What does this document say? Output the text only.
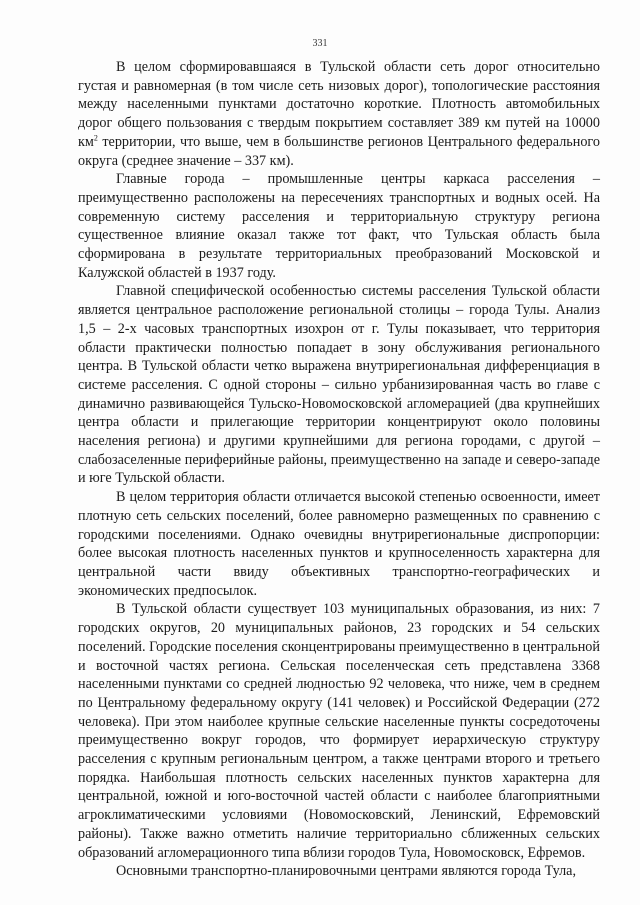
331

В целом сформировавшаяся в Тульской области сеть дорог относительно густая и равномерная (в том числе сеть низовых дорог), топологические расстояния между населенными пунктами достаточно короткие. Плотность автомобильных дорог общего пользования с твердым покрытием составляет 389 км путей на 10000 $км^2$ территории, что выше, чем в большинстве регионов Центрального федерального округа (среднее значение – 337 км).

Главные города – промышленные центры каркаса расселения – преимущественно расположены на пересечениях транспортных и водных осей. На современную систему расселения и территориальную структуру региона существенное влияние оказал также тот факт, что Тульская область была сформирована в результате территориальных преобразований Московской и Калужской областей в 1937 году.

Главной специфической особенностью системы расселения Тульской области является центральное расположение региональной столицы – города Тулы. Анализ 1,5 – 2-х часовых транспортных изохрон от г. Тулы показывает, что территория области практически полностью попадает в зону обслуживания регионального центра. В Тульской области четко выражена внутрирегиональная дифференциация в системе расселения. С одной стороны – сильно урбанизированная часть во главе с динамично развивающейся Тульско-Новомосковской агломерацией (два крупнейших центра области и прилегающие территории концентрируют около половины населения региона) и другими крупнейшими для региона городами, с другой – слабозаселенные периферийные районы, преимущественно на западе и северо-западе и юге Тульской области.

В целом территория области отличается высокой степенью освоенности, имеет плотную сеть сельских поселений, более равномерно размещенных по сравнению с городскими поселениями. Однако очевидны внутрирегиональные диспропорции: более высокая плотность населенных пунктов и крупноселенность характерна для центральной части ввиду объективных транспортно-географических и экономических предпосылок.

В Тульской области существует 103 муниципальных образования, из них: 7 городских округов, 20 муниципальных районов, 23 городских и 54 сельских поселений. Городские поселения сконцентрированы преимущественно в центральной и восточной частях региона. Сельская поселенческая сеть представлена 3368 населенными пунктами со средней людностью 92 человека, что ниже, чем в среднем по Центральному федеральному округу (141 человек) и Российской Федерации (272 человека). При этом наиболее крупные сельские населенные пункты сосредоточены преимущественно вокруг городов, что формирует иерархическую структуру расселения с крупным региональным центром, а также центрами второго и третьего порядка. Наибольшая плотность сельских населенных пунктов характерна для центральной, южной и юго-восточной частей области с наиболее благоприятными агроклиматическими условиями (Новомосковский, Ленинский, Ефремовский районы). Также важно отметить наличие территориально сближенных сельских образований агломерационного типа вблизи городов Тула, Новомосковск, Ефремов.

Основными транспортно-планировочными центрами являются города Тула,
